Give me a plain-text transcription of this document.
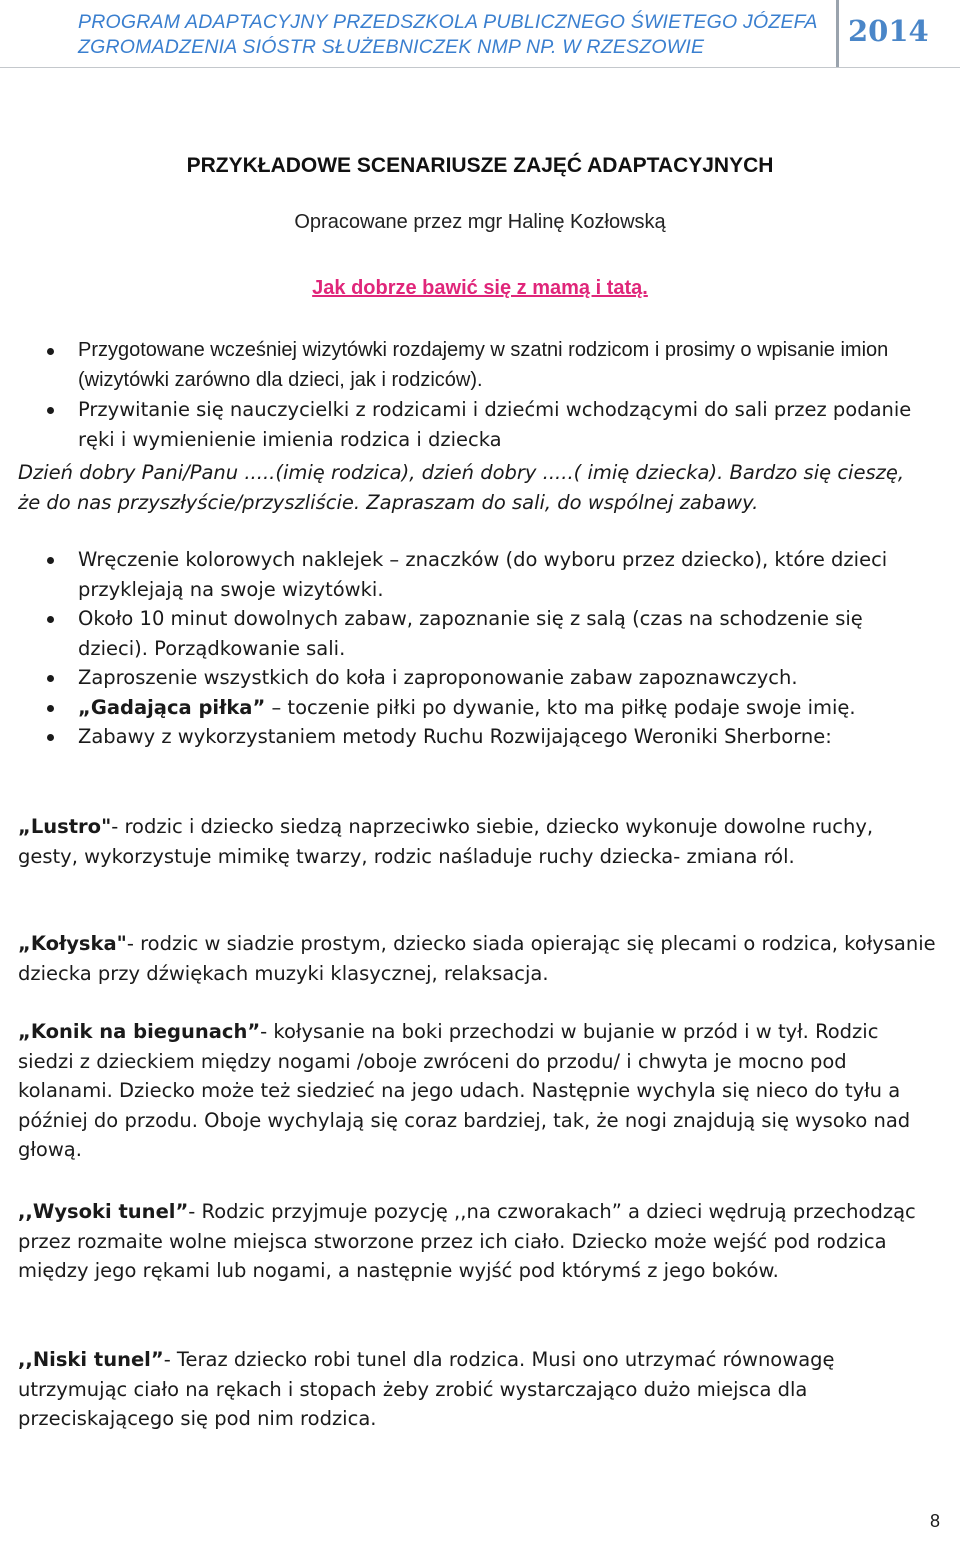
PROGRAM ADAPTACYJNY PRZEDSZKOLA PUBLICZNEGO ŚWIETEGO JÓZEFA
ZGROMADZENIA SIÓSTR SŁUŻEBNICZEK NMP NP. W RZESZOWIE	2014
PRZYKŁADOWE SCENARIUSZE ZAJĘĆ ADAPTACYJNYCH
Opracowane przez mgr Halinę Kozłowską
Jak dobrze bawić się z mamą i tatą.
Przygotowane wcześniej wizytówki rozdajemy w szatni rodzicom i prosimy o wpisanie imion (wizytówki zarówno dla dzieci, jak i rodziców).
Przywitanie się nauczycielki z rodzicami i dziećmi wchodzącymi do sali przez podanie ręki i wymienienie imienia rodzica i dziecka
Dzień dobry Pani/Panu .....(imię rodzica), dzień dobry .....( imię dziecka). Bardzo się cieszę, że do nas przyszłyście/przyszliście. Zapraszam do sali, do wspólnej zabawy.
Wręczenie kolorowych naklejek – znaczków (do wyboru przez dziecko), które dzieci przyklejają na swoje wizytówki.
Około 10 minut dowolnych zabaw, zapoznanie się z salą (czas na schodzenie się dzieci). Porządkowanie sali.
Zaproszenie wszystkich do koła i zaproponowanie zabaw zapoznawczych.
„Gadająca piłka” – toczenie piłki po dywanie, kto ma piłkę podaje swoje imię.
Zabawy z wykorzystaniem metody Ruchu Rozwijającego Weroniki Sherborne:
„Lustro"- rodzic i dziecko siedzą naprzeciwko siebie, dziecko wykonuje dowolne ruchy, gesty, wykorzystuje mimikę twarzy, rodzic naśladuje ruchy dziecka- zmiana ról.
„Kołyska"- rodzic w siadzie prostym, dziecko siada opierając się plecami o rodzica, kołysanie dziecka przy dźwiękach muzyki klasycznej, relaksacja.
„Konik na biegunach”- kołysanie na boki przechodzi w bujanie w przód i w tył. Rodzic siedzi z dzieckiem między nogami /oboje zwróceni do przodu/ i chwyta je mocno pod kolanami. Dziecko może też siedzieć na jego udach. Następnie wychyla się nieco do tyłu a później do przodu. Oboje wychylają się coraz bardziej, tak, że nogi znajdują się wysoko nad głową.
,,Wysoki tunel”- Rodzic przyjmuje pozycję ,,na czworakach” a dzieci wędrują przechodząc przez rozmaite wolne miejsca stworzone przez ich ciało. Dziecko może wejść pod rodzica między jego rękami lub nogami, a następnie wyjść pod którymś z jego boków.
,,Niski tunel”- Teraz dziecko robi tunel dla rodzica. Musi ono utrzymać równowagę utrzymując ciało na rękach i stopach żeby zrobić wystarczająco dużo miejsca dla przeciskającego się pod nim rodzica.
8
